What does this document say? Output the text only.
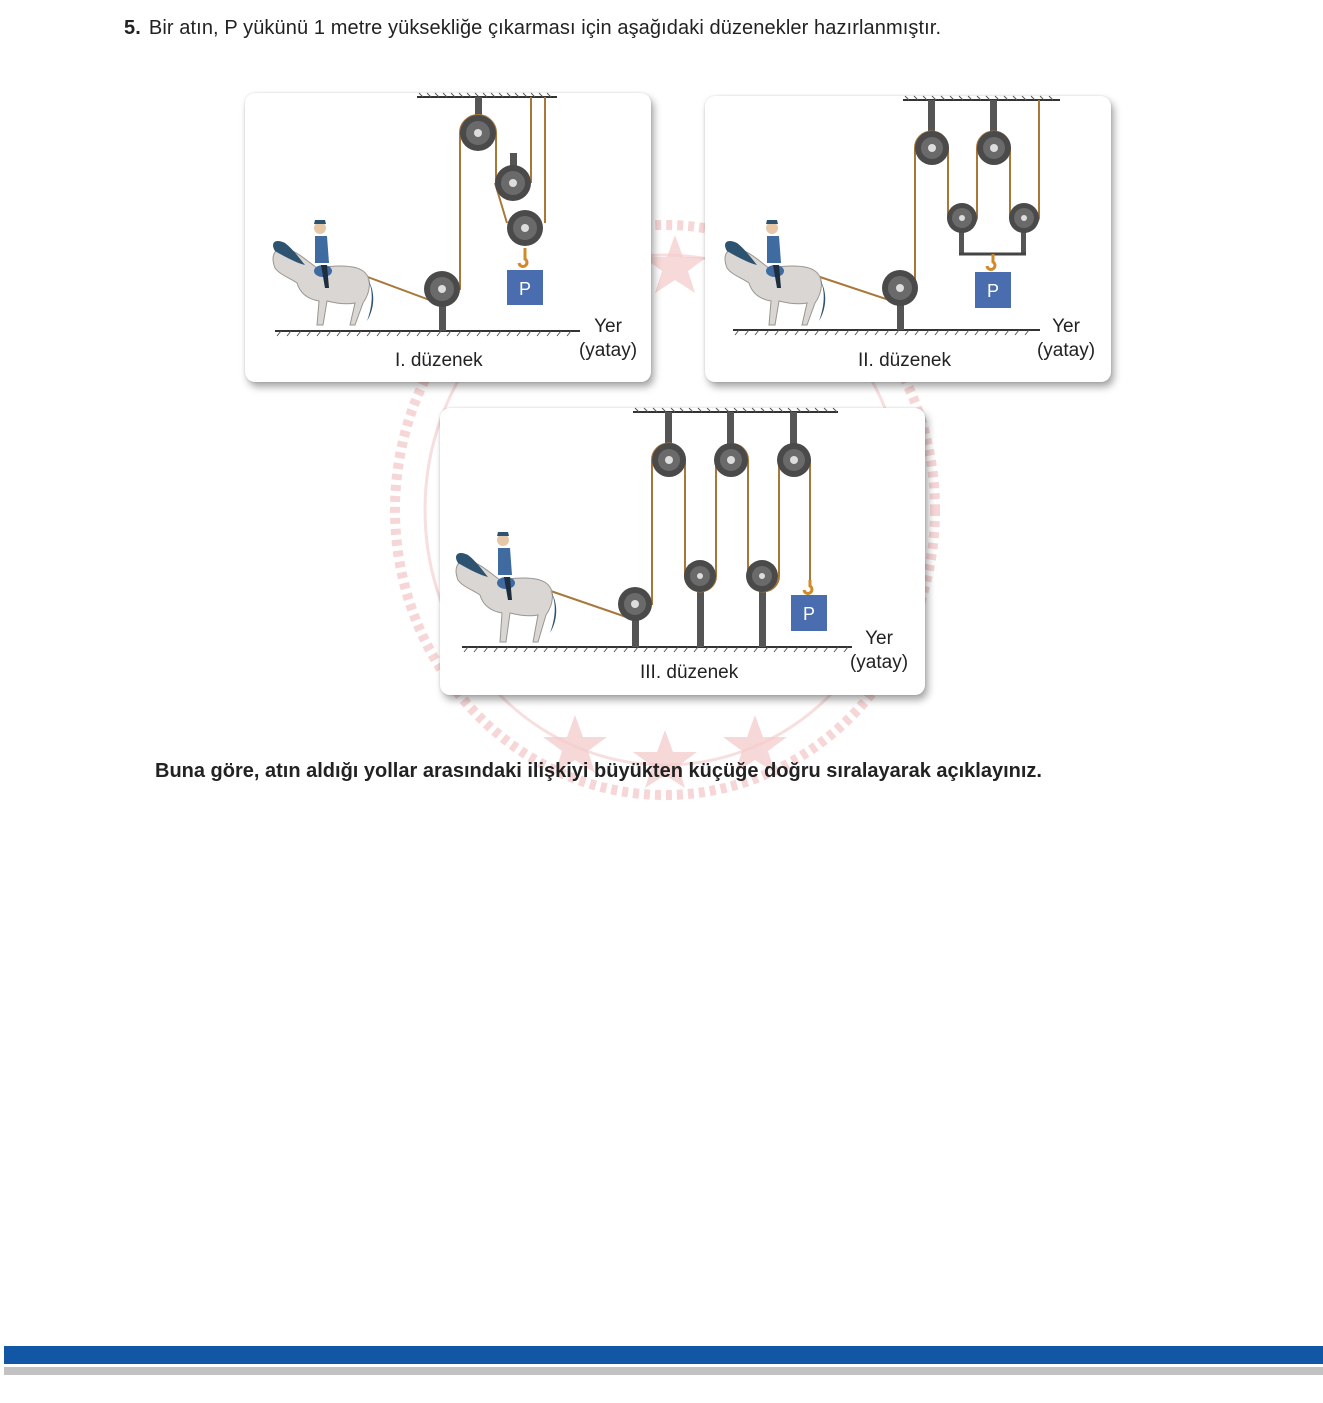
5. Bir atın, P yükünü 1 metre yüksekliğe çıkarması için aşağıdaki düzenekler hazırlanmıştır.
P
I. düzenek
Yer
(yatay)
P
II. düzenek
Yer
(yatay)
P
III. düzenek
Yer
(yatay)
Buna göre, atın aldığı yollar arasındaki ilişkiyi büyükten küçüğe doğru sıralayarak açıklayınız.
